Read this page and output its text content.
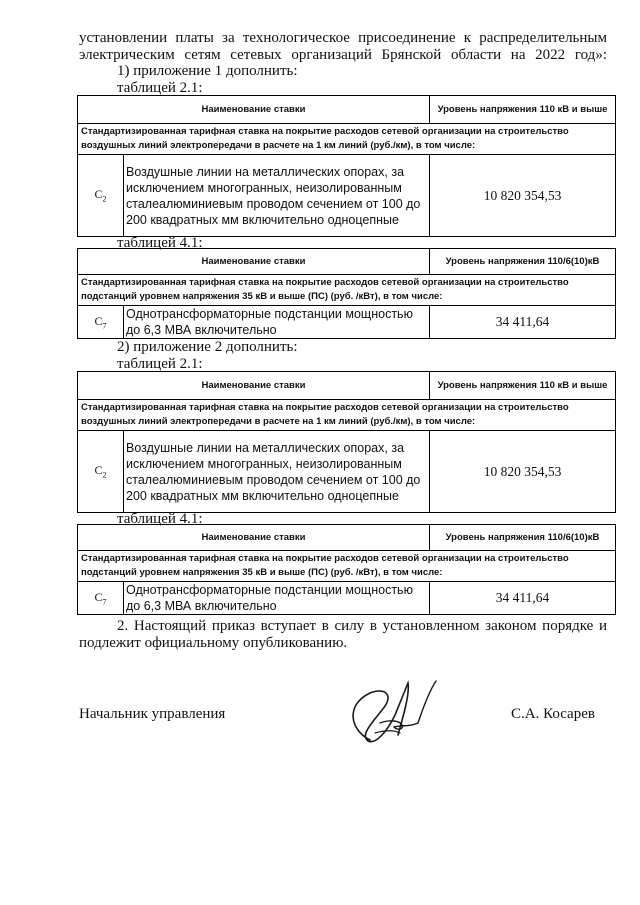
установлении платы за технологическое присоединение к распределительным
электрическим сетям сетевых организаций Брянской области на 2022 год»:
1) приложение 1 дополнить:
таблицей 2.1:
Наименование ставки		Уровень напряжения 110 кВ и выше
Стандартизированная тарифная ставка на покрытие расходов сетевой организации на строительство воздушных линий электропередачи в расчете на 1 км линий (руб./км), в том числе:		
$C_2$	Воздушные линии на металлических опорах, за исключением многогранных, неизолированным сталеалюминиевым проводом сечением от 100 до 200 квадратных мм включительно одноцепные	10 820 354,53
таблицей 4.1:
Наименование ставки		Уровень напряжения 110/6(10)кВ
Стандартизированная тарифная ставка на покрытие расходов сетевой организации на строительство подстанций уровнем напряжения 35 кВ и выше (ПС) (руб. /кВт), в том числе:		
$C_7$	Однотрансформаторные подстанции мощностью до 6,3 МВА включительно	34 411,64
2) приложение 2 дополнить:
таблицей 2.1:
Наименование ставки		Уровень напряжения 110 кВ и выше
Стандартизированная тарифная ставка на покрытие расходов сетевой организации на строительство воздушных линий электропередачи в расчете на 1 км линий (руб./км), в том числе:		
$C_2$	Воздушные линии на металлических опорах, за исключением многогранных, неизолированным сталеалюминиевым проводом сечением от 100 до 200 квадратных мм включительно одноцепные	10 820 354,53
таблицей 4.1:
Наименование ставки		Уровень напряжения 110/6(10)кВ
Стандартизированная тарифная ставка на покрытие расходов сетевой организации на строительство подстанций уровнем напряжения 35 кВ и выше (ПС) (руб. /кВт), в том числе:		
$C_7$	Однотрансформаторные подстанции мощностью до 6,3 МВА включительно	34 411,64
2. Настоящий приказ вступает в силу в установленном законом порядке и
подлежит официальному опубликованию.
Начальник управления	С.А. Косарев
